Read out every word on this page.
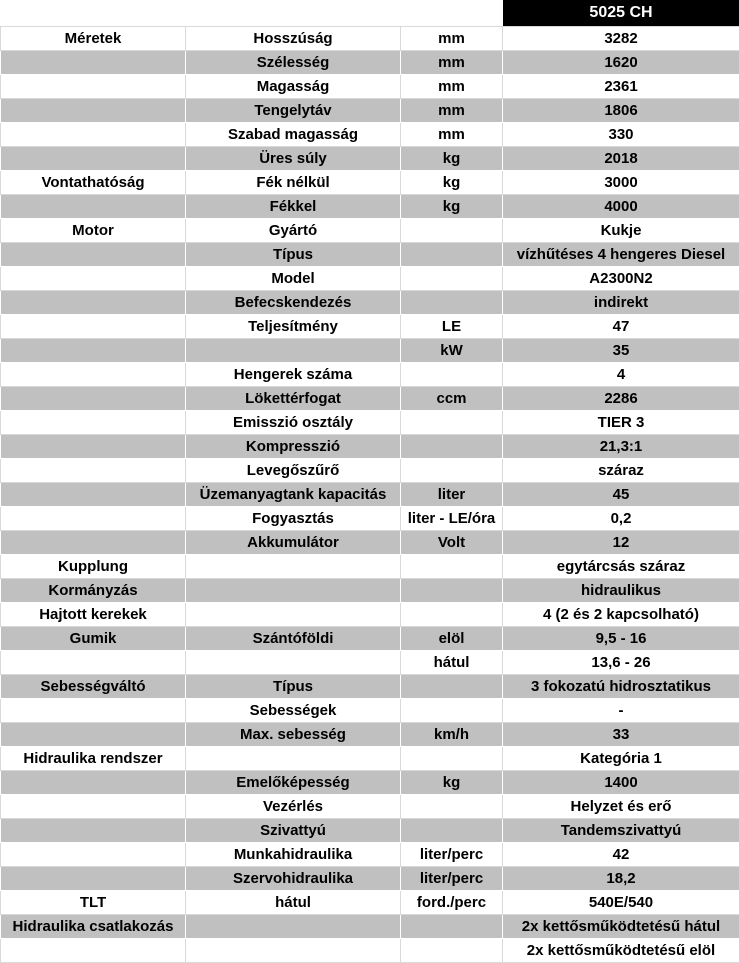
			5025 CH
Méretek	Hosszúság	mm	3282
	Szélesség	mm	1620
	Magasság	mm	2361
	Tengelytáv	mm	1806
	Szabad magasság	mm	330
	Üres súly	kg	2018
Vontathatóság	Fék nélkül	kg	3000
	Fékkel	kg	4000
Motor	Gyártó		Kukje
	Típus		vízhűtéses 4 hengeres Diesel
	Model		A2300N2
	Befecskendezés		indirekt
	Teljesítmény	LE	47
		kW	35
	Hengerek száma		4
	Lökettérfogat	ccm	2286
	Emisszió osztály		TIER 3
	Kompresszió		21,3:1
	Levegőszűrő		száraz
	Üzemanyagtank kapacitás	liter	45
	Fogyasztás	liter - LE/óra	0,2
	Akkumulátor	Volt	12
Kupplung			egytárcsás száraz
Kormányzás			hidraulikus
Hajtott kerekek			4 (2 és 2 kapcsolható)
Gumik	Szántóföldi	elöl	9,5 - 16
		hátul	13,6 - 26
Sebességváltó	Típus		3 fokozatú hidrosztatikus
	Sebességek		-
	Max. sebesség	km/h	33
Hidraulika rendszer			Kategória 1
	Emelőképesség	kg	1400
	Vezérlés		Helyzet és erő
	Szivattyú		Tandemszivattyú
	Munkahidraulika	liter/perc	42
	Szervohidraulika	liter/perc	18,2
TLT	hátul	ford./perc	540E/540
Hidraulika csatlakozás			2x kettősműködtetésű hátul
			2x kettősműködtetésű elöl
